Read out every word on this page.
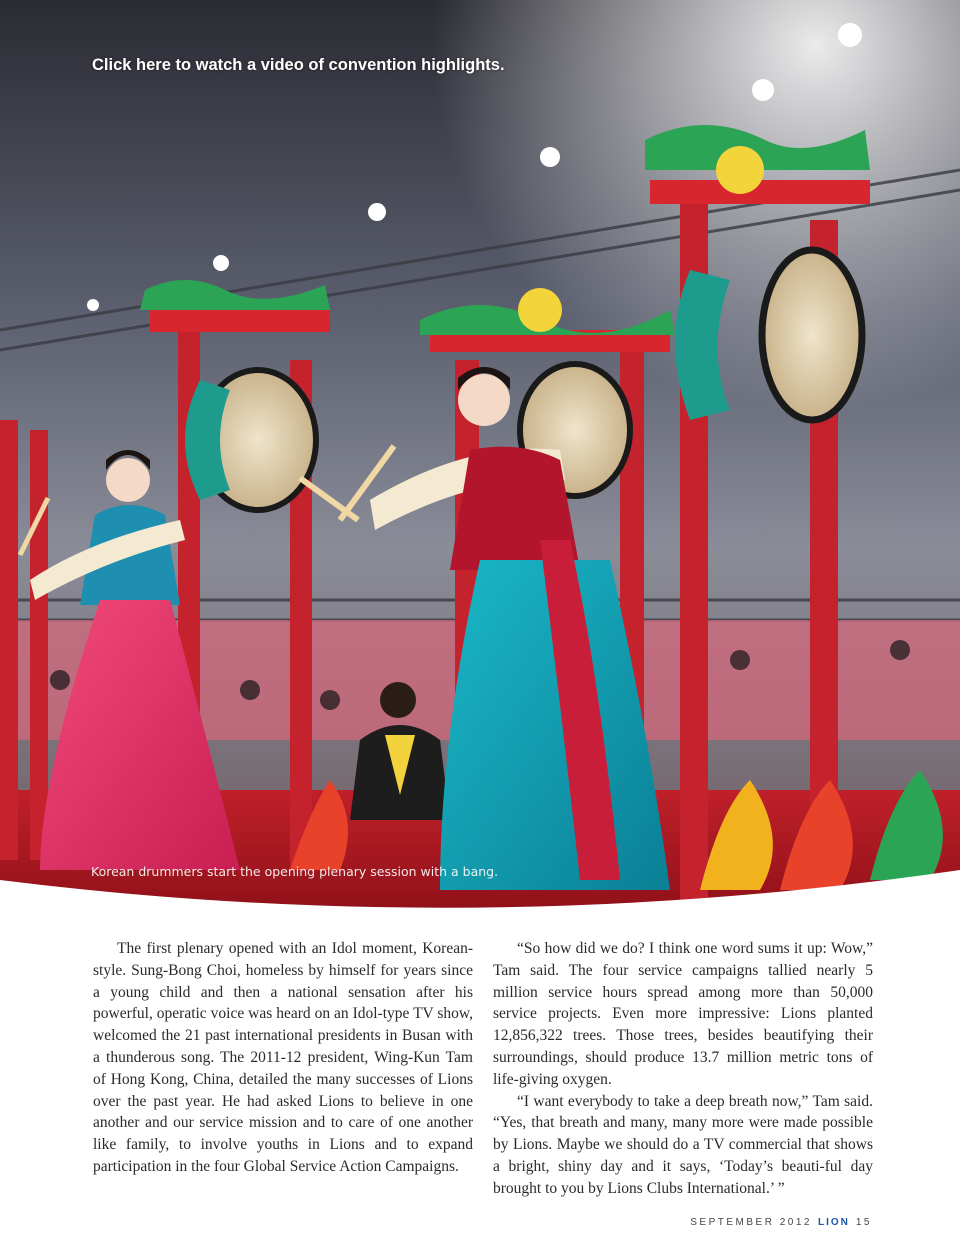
Click here to watch a video of convention highlights.
Korean drummers start the opening plenary session with a bang.

The first plenary opened with an Idol moment, Korean-style. Sung-Bong Choi, homeless by himself for years since a young child and then a national sensation after his powerful, operatic voice was heard on an Idol-type TV show, welcomed the 21 past international presidents in Busan with a thunderous song. The 2011-12 president, Wing-Kun Tam of Hong Kong, China, detailed the many successes of Lions over the past year. He had asked Lions to believe in one another and our service mission and to care of one another like family, to involve youths in Lions and to expand participation in the four Global Service Action Campaigns.

“So how did we do? I think one word sums it up: Wow,” Tam said. The four service campaigns tallied nearly 5 million service hours spread among more than 50,000 service projects. Even more impressive: Lions planted 12,856,322 trees. Those trees, besides beautifying their surroundings, should produce 13.7 million metric tons of life-giving oxygen.

“I want everybody to take a deep breath now,” Tam said. “Yes, that breath and many, many more were made possible by Lions. Maybe we should do a TV commercial that shows a bright, shiny day and it says, ‘Today’s beauti-ful day brought to you by Lions Clubs International.’ ”

SEPTEMBER 2012 LION 15
